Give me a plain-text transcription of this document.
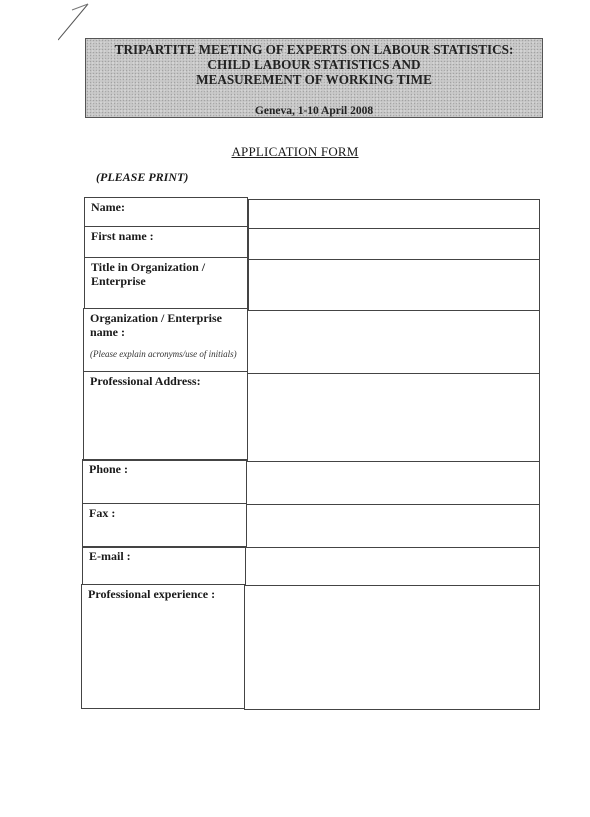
TRIPARTITE MEETING OF EXPERTS ON LABOUR STATISTICS:
CHILD LABOUR STATISTICS AND
MEASUREMENT OF WORKING TIME
Geneva, 1-10 April 2008
APPLICATION FORM
(PLEASE PRINT)
Name:
First name :
Title in Organization / Enterprise
Organization / Enterprise name :
(Please explain acronyms/use of initials)
Professional Address:
Phone :
Fax :
E-mail :
Professional experience :
